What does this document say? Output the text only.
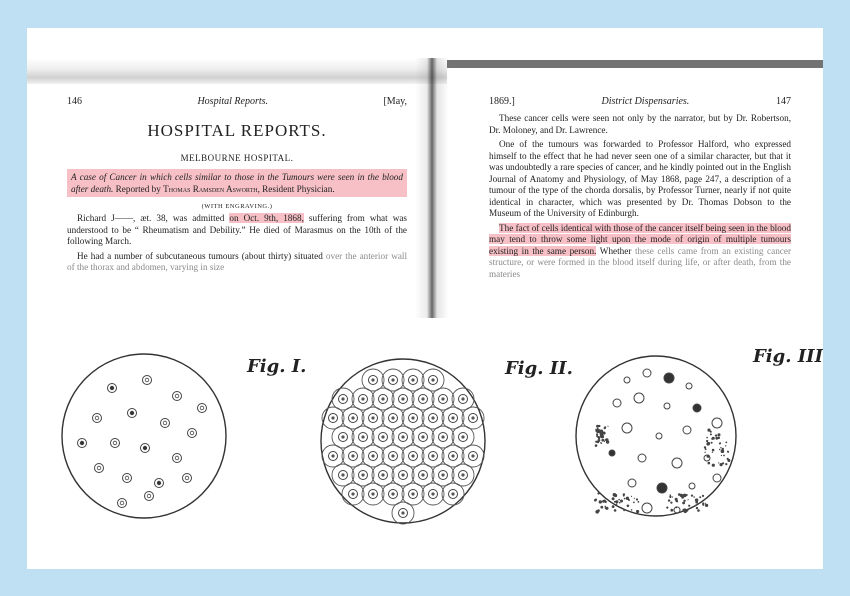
146	Hospital Reports.	[May,
HOSPITAL REPORTS.
MELBOURNE HOSPITAL.
A case of Cancer in which cells similar to those in the Tumours were seen in the blood after death. Reported by Thomas Ramsden Asworth, Resident Physician.
(WITH ENGRAVING.)
Richard J——, æt. 38, was admitted on Oct. 9th, 1868, suffering from what was understood to be “ Rheumatism and Debility.” He died of Marasmus on the 10th of the following March.
He had a number of subcutaneous tumours (about thirty) situated over the anterior wall of the thorax and abdomen, varying in size
1869.]	District Dispensaries.	147
These cancer cells were seen not only by the narrator, but by Dr. Robertson, Dr. Moloney, and Dr. Lawrence.
One of the tumours was forwarded to Professor Halford, who expressed himself to the effect that he had never seen one of a similar character, but that it was undoubtedly a rare species of cancer, and he kindly pointed out in the English Journal of Anatomy and Physiology, of May 1868, page 247, a description of a tumour of the type of the chorda dorsalis, by Professor Turner, nearly if not quite identical in character, which was presented by Dr. Thomas Dobson to the Museum of the University of Edinburgh.
The fact of cells identical with those of the cancer itself being seen in the blood may tend to throw some light upon the mode of origin of multiple tumours existing in the same person. Whether these cells came from an existing cancer structure, or were formed in the blood itself during life, or after death, from the materies
Fig. I.	Fig. II.
Fig. III
